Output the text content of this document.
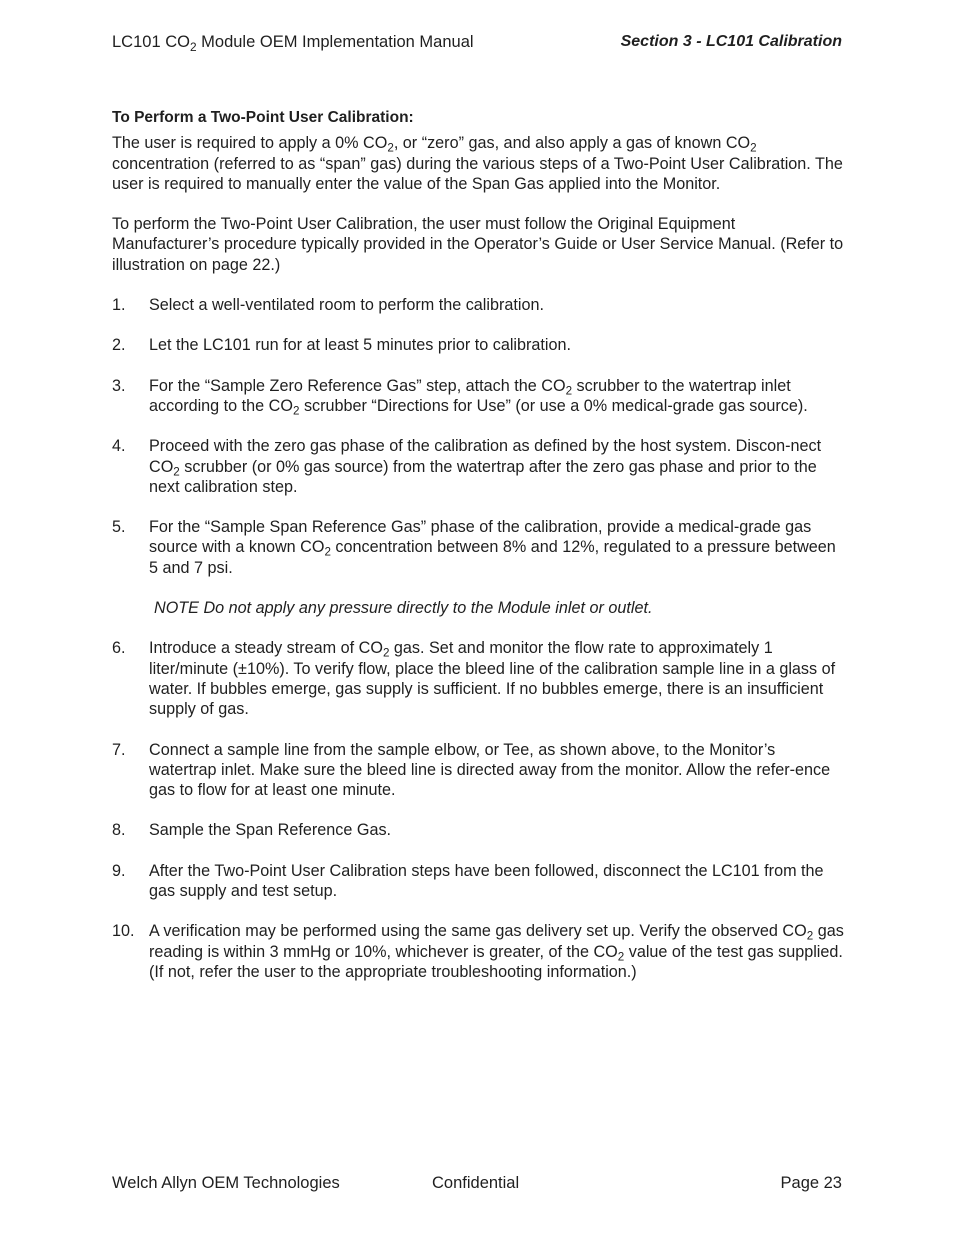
LC101 $CO_2$ Module OEM Implementation Manual	Section 3 - LC101 Calibration
To Perform a Two-Point User Calibration:

The user is required to apply a 0% $CO_2$, or “zero” gas, and also apply a gas of known $CO_2$ concentration (referred to as “span” gas) during the various steps of a Two-Point User Calibration. The user is required to manually enter the value of the Span Gas applied into the Monitor.

To perform the Two-Point User Calibration, the user must follow the Original Equipment Manufacturer’s procedure typically provided in the Operator’s Guide or User Service Manual. (Refer to illustration on page 22.)

1. Select a well-ventilated room to perform the calibration.
2. Let the LC101 run for at least 5 minutes prior to calibration.
3. For the “Sample Zero Reference Gas” step, attach the $CO_2$ scrubber to the watertrap inlet according to the $CO_2$ scrubber “Directions for Use” (or use a 0% medical-grade gas source).
4. Proceed with the zero gas phase of the calibration as defined by the host system. Discon-nect $CO_2$ scrubber (or 0% gas source) from the watertrap after the zero gas phase and prior to the next calibration step.
5. For the “Sample Span Reference Gas” phase of the calibration, provide a medical-grade gas source with a known $CO_2$ concentration between 8% and 12%, regulated to a pressure between 5 and 7 psi.
NOTE Do not apply any pressure directly to the Module inlet or outlet.
6. Introduce a steady stream of $CO_2$ gas. Set and monitor the flow rate to approximately 1 liter/minute (±10%). To verify flow, place the bleed line of the calibration sample line in a glass of water. If bubbles emerge, gas supply is sufficient. If no bubbles emerge, there is an insufficient supply of gas.
7. Connect a sample line from the sample elbow, or Tee, as shown above, to the Monitor’s watertrap inlet. Make sure the bleed line is directed away from the monitor. Allow the refer-ence gas to flow for at least one minute.
8. Sample the Span Reference Gas.
9. After the Two-Point User Calibration steps have been followed, disconnect the LC101 from the gas supply and test setup.
10. A verification may be performed using the same gas delivery set up. Verify the observed $CO_2$ gas reading is within 3 mmHg or 10%, whichever is greater, of the $CO_2$ value of the test gas supplied. (If not, refer the user to the appropriate troubleshooting information.)
Welch Allyn OEM Technologies	Confidential	Page 23
